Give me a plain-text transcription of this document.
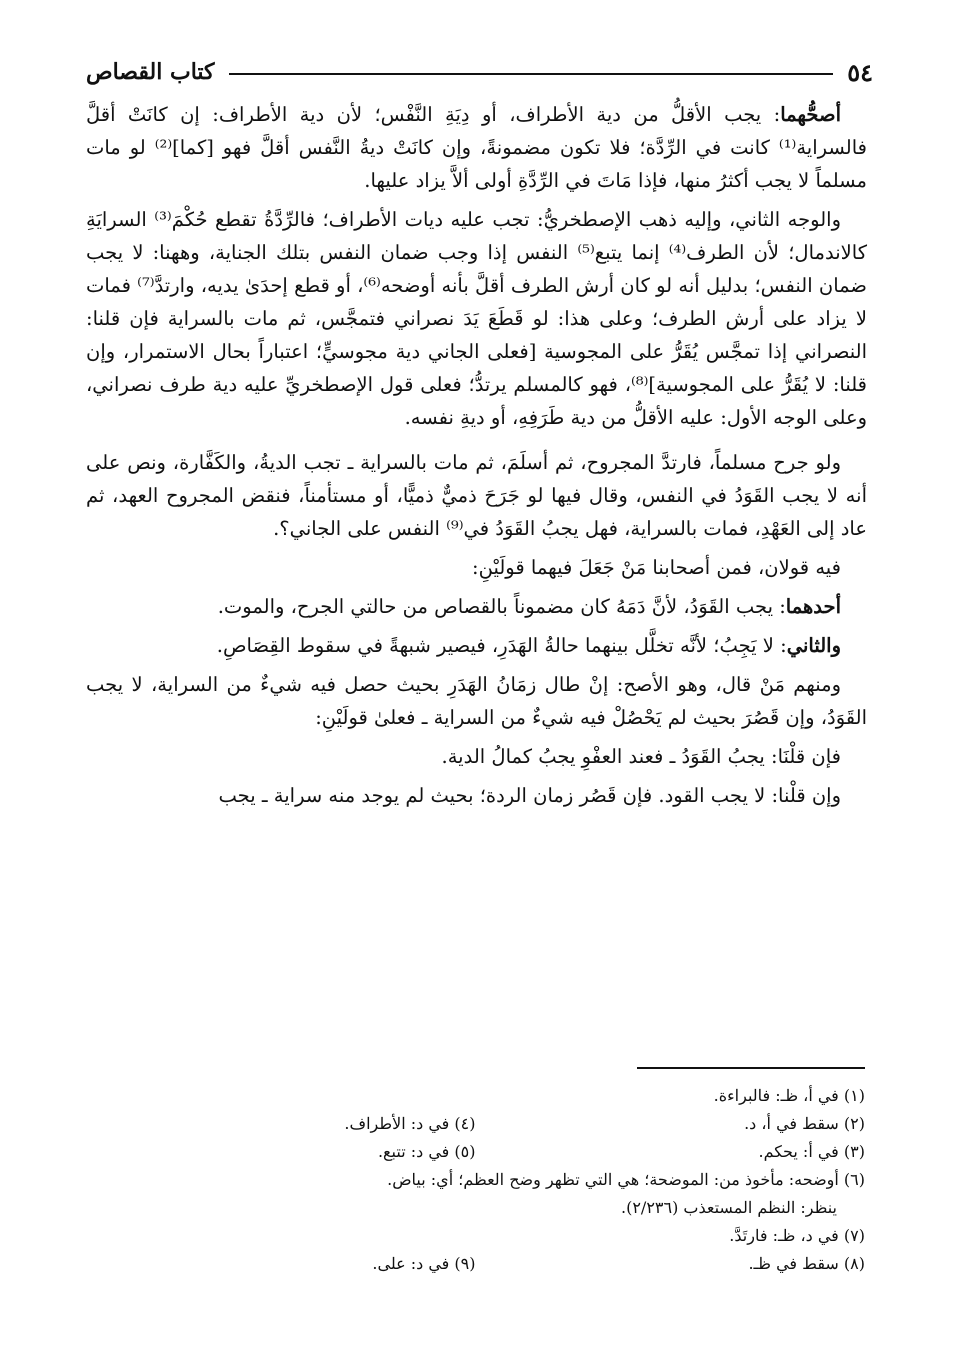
٥٤
كتاب القصاص

أصحُّهما: يجب الأقلُّ من دية الأطراف، أو دِيَةِ النَّفْس؛ لأن دية الأطراف: إن كانَتْ أقلَّ فالسراية⁽¹⁾ كانت في الرِّدَّة؛ فلا تكون مضمونةً، وإن كانَتْ ديةُ النَّفس أقلَّ فهو [كما]⁽²⁾ لو مات مسلماً لا يجب أكثرُ منها، فإذا مَاتَ في الرِّدَّةِ أولى ألاَّ يزاد عليها.

والوجه الثاني، وإليه ذهب الإصطخريُّ: تجب عليه ديات الأطراف؛ فالرِّدَّةُ تقطع حُكْمَ⁽³⁾ السرايَةِ كالاندمال؛ لأن الطرف⁽⁴⁾ إنما يتبع⁽⁵⁾ النفس إذا وجب ضمان النفس بتلك الجناية، وههنا: لا يجب ضمان النفس؛ بدليل أنه لو كان أرش الطرف أقلَّ بأنه أوضحه⁽⁶⁾، أو قطع إحدَىٰ يديه، وارتدَّ⁽⁷⁾ فمات لا يزاد على أرش الطرف؛ وعلى هذا: لو قَطَعَ يَدَ نصراني فتمجَّس، ثم مات بالسراية فإن قلنا: النصراني إذا تمجَّس يُقَرُّ على المجوسية [فعلى الجاني دية مجوسيٍّ؛ اعتباراً بحال الاستمرار، وإن قلنا: لا يُقَرُّ على المجوسية]⁽⁸⁾، فهو كالمسلم يرتدُّ؛ فعلى قول الإصطخريِّ عليه دية طرف نصراني، وعلى الوجه الأول: عليه الأقلُّ من دية طَرَفِهِ، أو ديةِ نفسه.

ولو جرح مسلماً، فارتدَّ المجروح، ثم أسلَمَ، ثم مات بالسراية ـ تجب الديةُ، والكَفَّارة، ونص على أنه لا يجب القَوَدُ في النفس، وقال فيها لو جَرَحَ ذميٌّ ذميًّا، أو مستأمناً، فنقض المجروح العهد، ثم عاد إلى العَهْدِ، فمات بالسراية، فهل يجبُ القَوَدُ في⁽⁹⁾ النفس على الجاني؟.

فيه قولان، فمن أصحابنا مَنْ جَعَلَ فيهما قولَيْنِ:

أحدهما: يجب القَوَدُ، لأنَّ دَمَهُ كان مضموناً بالقصاص من حالتي الجرح، والموت.

والثاني: لا يَجِبُ؛ لأنَّه تخلَّل بينهما حالةُ الهَدَرِ، فيصير شبهةً في سقوط القِصَاصِ.

ومنهم مَنْ قال، وهو الأصح: إنْ طال زمَانُ الهَدَرِ بحيث حصل فيه شيءٌ من السراية، لا يجب القَوَدُ، وإن قَصُرَ بحيث لم يَحْصُلْ فيه شيءٌ من السراية ـ فعلىٰ قولَيْنِ:

فإن قلْنَا: يجبُ القَوَدُ ـ فعند العفْوِ يجبُ كمالُ الدية.

وإن قلْنا: لا يجب القود. فإن قَصُر زمان الردة؛ بحيث لم يوجد منه سراية ـ يجب

(١) في أ، ظـ: فالبراءة.
(٢) سقط في أ، د.
(٤) في د: الأطراف.
(٣) في أ: يحكم.
(٥) في د: تتبع.
(٦) أوضحه: مأخوذ من: الموضحة؛ هي التي تظهر وضح العظم؛ أي: بياض.
ينظر: النظم المستعذب (٢/٢٣٦).
(٧) في د، ظـ: فارتَدَّ.
(٨) سقط في ظـ.
(٩) في د: على.
